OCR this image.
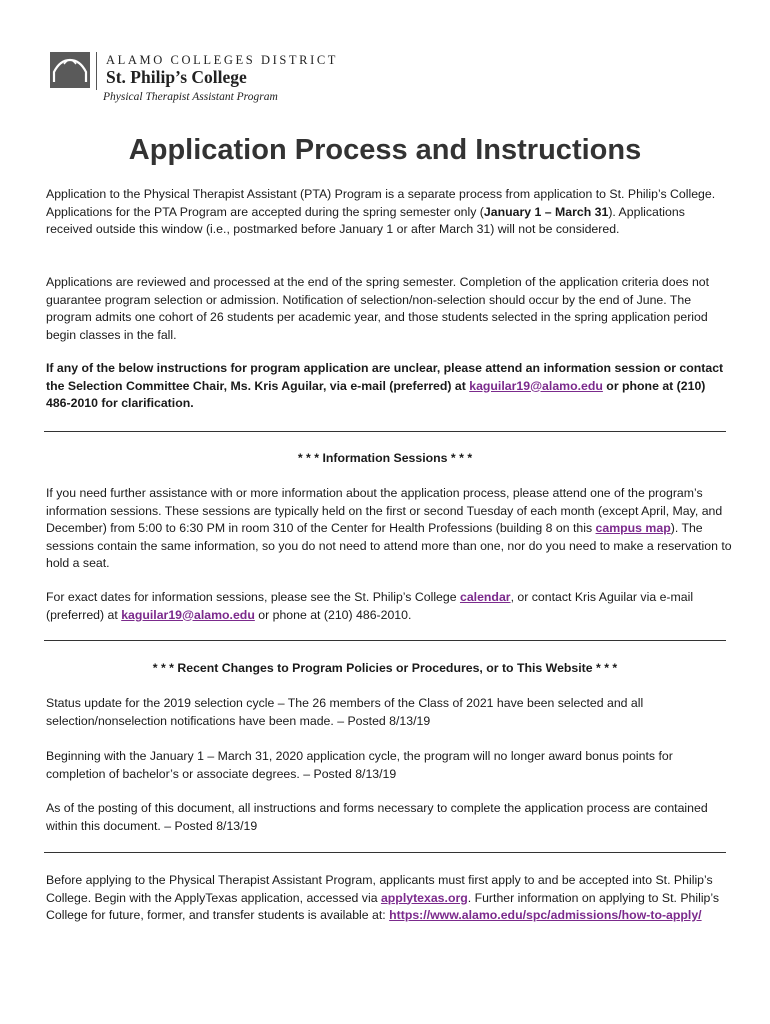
ALAMO COLLEGES DISTRICT
St. Philip’s College
Physical Therapist Assistant Program
Application Process and Instructions

Application to the Physical Therapist Assistant (PTA) Program is a separate process from application to St. Philip’s College. Applications for the PTA Program are accepted during the spring semester only (January 1 – March 31). Applications received outside this window (i.e., postmarked before January 1 or after March 31) will not be considered.

Applications are reviewed and processed at the end of the spring semester. Completion of the application criteria does not guarantee program selection or admission. Notification of selection/non-selection should occur by the end of June. The program admits one cohort of 26 students per academic year, and those students selected in the spring application period begin classes in the fall.

If any of the below instructions for program application are unclear, please attend an information session or contact the Selection Committee Chair, Ms. Kris Aguilar, via e-mail (preferred) at kaguilar19@alamo.edu or phone at (210) 486-2010 for clarification.

* * * Information Sessions * * *

If you need further assistance with or more information about the application process, please attend one of the program’s information sessions. These sessions are typically held on the first or second Tuesday of each month (except April, May, and December) from 5:00 to 6:30 PM in room 310 of the Center for Health Professions (building 8 on this campus map). The sessions contain the same information, so you do not need to attend more than one, nor do you need to make a reservation to hold a seat.

For exact dates for information sessions, please see the St. Philip’s College calendar, or contact Kris Aguilar via e-mail (preferred) at kaguilar19@alamo.edu or phone at (210) 486-2010.

* * * Recent Changes to Program Policies or Procedures, or to This Website * * *

Status update for the 2019 selection cycle – The 26 members of the Class of 2021 have been selected and all selection/nonselection notifications have been made. – Posted 8/13/19

Beginning with the January 1 – March 31, 2020 application cycle, the program will no longer award bonus points for completion of bachelor’s or associate degrees. – Posted 8/13/19

As of the posting of this document, all instructions and forms necessary to complete the application process are contained within this document. – Posted 8/13/19

Before applying to the Physical Therapist Assistant Program, applicants must first apply to and be accepted into St. Philip’s College. Begin with the ApplyTexas application, accessed via applytexas.org. Further information on applying to St. Philip’s College for future, former, and transfer students is available at: https://www.alamo.edu/spc/admissions/how-to-apply/
